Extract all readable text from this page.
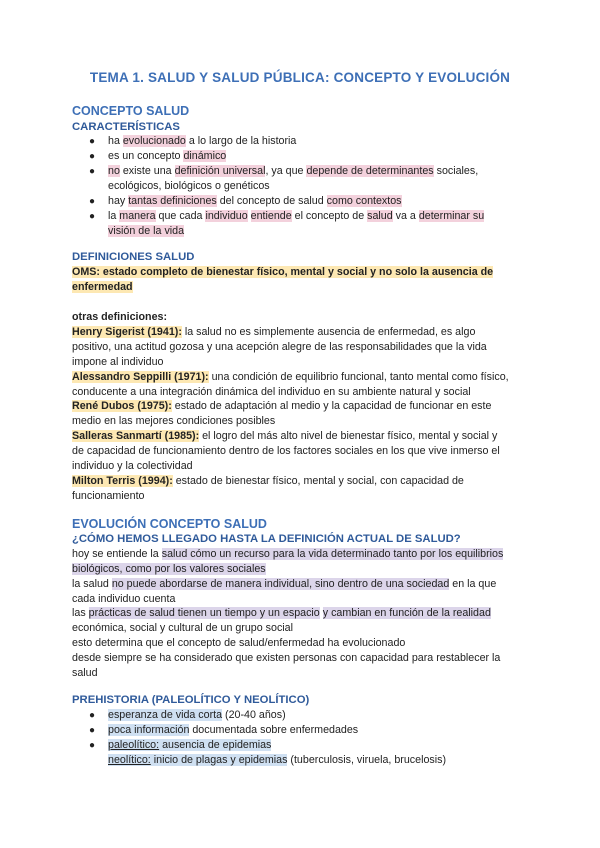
TEMA 1. SALUD Y SALUD PÚBLICA: CONCEPTO Y EVOLUCIÓN
CONCEPTO SALUD
CARACTERÍSTICAS
● ha evolucionado a lo largo de la historia
● es un concepto dinámico
● no existe una definición universal, ya que depende de determinantes sociales,
ecológicos, biológicos o genéticos
● hay tantas definiciones del concepto de salud como contextos
● la manera que cada individuo entiende el concepto de salud va a determinar su
visión de la vida
DEFINICIONES SALUD
OMS: estado completo de bienestar físico, mental y social y no solo la ausencia de
enfermedad
otras definiciones:
Henry Sigerist (1941): la salud no es simplemente ausencia de enfermedad, es algo
positivo, una actitud gozosa y una acepción alegre de las responsabilidades que la vida
impone al individuo
Alessandro Seppilli (1971): una condición de equilibrio funcional, tanto mental como físico,
conducente a una integración dinámica del individuo en su ambiente natural y social
René Dubos (1975): estado de adaptación al medio y la capacidad de funcionar en este
medio en las mejores condiciones posibles
Salleras Sanmartí (1985): el logro del más alto nivel de bienestar físico, mental y social y
de capacidad de funcionamiento dentro de los factores sociales en los que vive inmerso el
individuo y la colectividad
Milton Terris (1994): estado de bienestar físico, mental y social, con capacidad de
funcionamiento
EVOLUCIÓN CONCEPTO SALUD
¿CÓMO HEMOS LLEGADO HASTA LA DEFINICIÓN ACTUAL DE SALUD?
hoy se entiende la salud cómo un recurso para la vida determinado tanto por los equilibrios
biológicos, como por los valores sociales
la salud no puede abordarse de manera individual, sino dentro de una sociedad en la que
cada individuo cuenta
las prácticas de salud tienen un tiempo y un espacio y cambian en función de la realidad
económica, social y cultural de un grupo social
esto determina que el concepto de salud/enfermedad ha evolucionado
desde siempre se ha considerado que existen personas con capacidad para restablecer la
salud
PREHISTORIA (PALEOLÍTICO Y NEOLÍTICO)
● esperanza de vida corta (20-40 años)
● poca información documentada sobre enfermedades
● paleolítico: ausencia de epidemias
neolítico: inicio de plagas y epidemias (tuberculosis, viruela, brucelosis)
